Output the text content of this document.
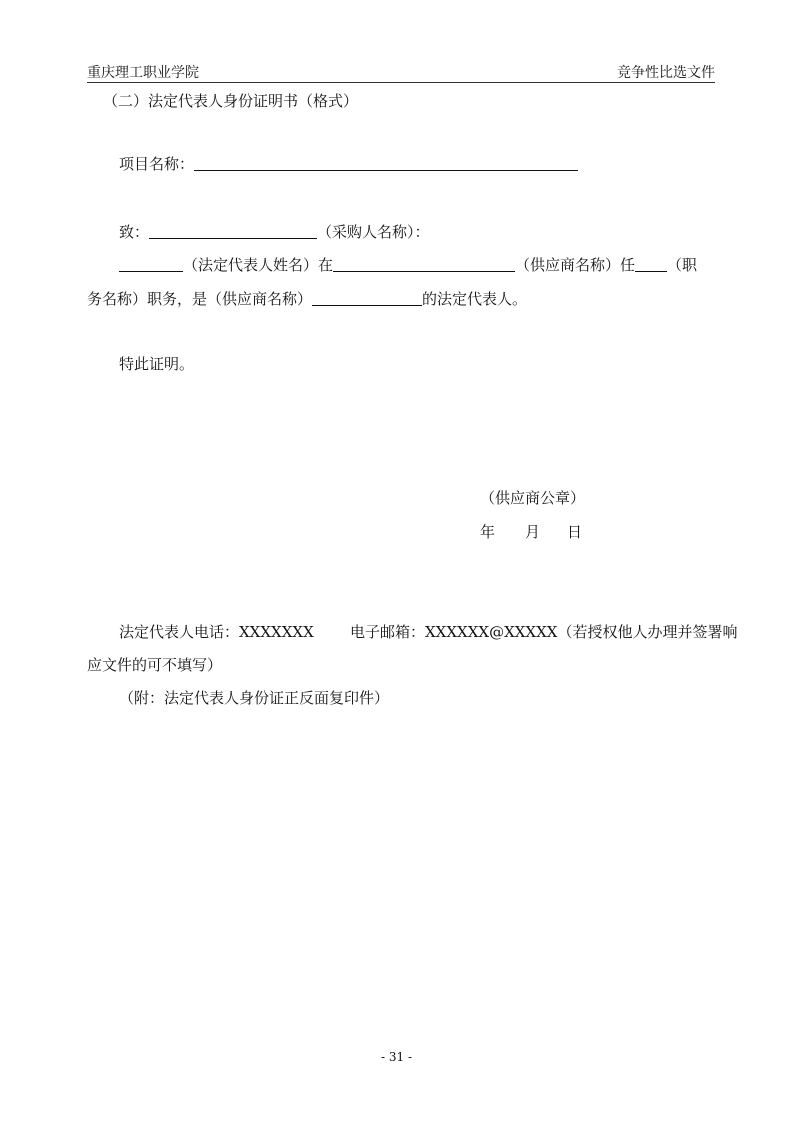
重庆理工职业学院	竞争性比选文件
（二）法定代表人身份证明书（格式）
项目名称：
致：	（采购人名称）：
（法定代表人姓名）在	（供应商名称）任 （职
务名称）职务，是（供应商名称）	的法定代表人。
特此证明。
（供应商公章）
年 月 日
法定代表人电话：XXXXXXX 电子邮箱：XXXXXX@XXXXX（若授权他人办理并签署响
应文件的可不填写）
（附：法定代表人身份证正反面复印件）
- 31 -
